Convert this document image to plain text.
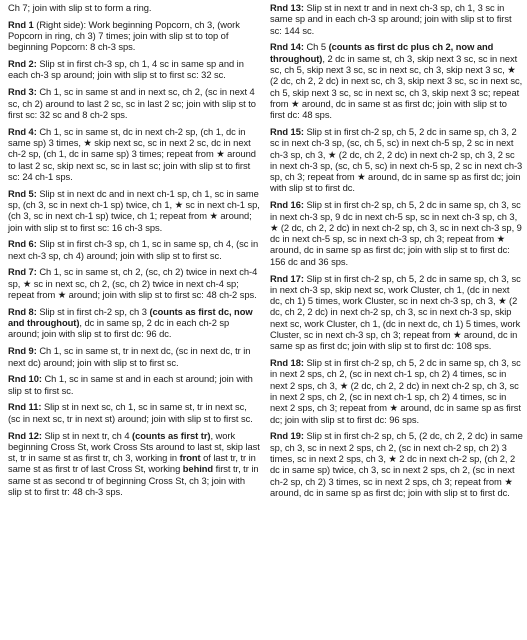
Ch 7; join with slip st to form a ring.

Rnd 1 (Right side): Work beginning Popcorn, ch 3, (work Popcorn in ring, ch 3) 7 times; join with slip st to top of beginning Popcorn: 8 ch-3 sps.

Rnd 2: Slip st in first ch-3 sp, ch 1, 4 sc in same sp and in each ch-3 sp around; join with slip st to first sc: 32 sc.

Rnd 3: Ch 1, sc in same st and in next sc, ch 2, (sc in next 4 sc, ch 2) around to last 2 sc, sc in last 2 sc; join with slip st to first sc: 32 sc and 8 ch-2 sps.

Rnd 4: Ch 1, sc in same st, dc in next ch-2 sp, (ch 1, dc in same sp) 3 times, ★ skip next sc, sc in next 2 sc, dc in next ch-2 sp, (ch 1, dc in same sp) 3 times; repeat from ★ around to last 2 sc, skip next sc, sc in last sc; join with slip st to first sc: 24 ch-1 sps.

Rnd 5: Slip st in next dc and in next ch-1 sp, ch 1, sc in same sp, (ch 3, sc in next ch-1 sp) twice, ch 1, ★ sc in next ch-1 sp, (ch 3, sc in next ch-1 sp) twice, ch 1; repeat from ★ around; join with slip st to first sc: 16 ch-3 sps.

Rnd 6: Slip st in first ch-3 sp, ch 1, sc in same sp, ch 4, (sc in next ch-3 sp, ch 4) around; join with slip st to first sc.

Rnd 7: Ch 1, sc in same st, ch 2, (sc, ch 2) twice in next ch-4 sp, ★ sc in next sc, ch 2, (sc, ch 2) twice in next ch-4 sp; repeat from ★ around; join with slip st to first sc: 48 ch-2 sps.

Rnd 8: Slip st in first ch-2 sp, ch 3 (counts as first dc, now and throughout), dc in same sp, 2 dc in each ch-2 sp around; join with slip st to first dc: 96 dc.

Rnd 9: Ch 1, sc in same st, tr in next dc, (sc in next dc, tr in next dc) around; join with slip st to first sc.

Rnd 10: Ch 1, sc in same st and in each st around; join with slip st to first sc.

Rnd 11: Slip st in next sc, ch 1, sc in same st, tr in next sc, (sc in next sc, tr in next st) around; join with slip st to first sc.

Rnd 12: Slip st in next tr, ch 4 (counts as first tr), work beginning Cross St, work Cross Sts around to last st, skip last st, tr in same st as first tr, ch 3, working in front of last tr, tr in same st as first tr of last Cross St, working behind first tr, tr in same st as second tr of beginning Cross St, ch 3; join with slip st to first tr: 48 ch-3 sps.

Rnd 13: Slip st in next tr and in next ch-3 sp, ch 1, 3 sc in same sp and in each ch-3 sp around; join with slip st to first sc: 144 sc.

Rnd 14: Ch 5 (counts as first dc plus ch 2, now and throughout), 2 dc in same st, ch 3, skip next 3 sc, sc in next sc, ch 5, skip next 3 sc, sc in next sc, ch 3, skip next 3 sc, ★ (2 dc, ch 2, 2 dc) in next sc, ch 3, skip next 3 sc, sc in next sc, ch 5, skip next 3 sc, sc in next sc, ch 3, skip next 3 sc; repeat from ★ around, dc in same st as first dc; join with slip st to first dc: 48 sps.

Rnd 15: Slip st in first ch-2 sp, ch 5, 2 dc in same sp, ch 3, 2 sc in next ch-3 sp, (sc, ch 5, sc) in next ch-5 sp, 2 sc in next ch-3 sp, ch 3, ★ (2 dc, ch 2, 2 dc) in next ch-2 sp, ch 3, 2 sc in next ch-3 sp, (sc, ch 5, sc) in next ch-5 sp, 2 sc in next ch-3 sp, ch 3; repeat from ★ around, dc in same sp as first dc; join with slip st to first dc.

Rnd 16: Slip st in first ch-2 sp, ch 5, 2 dc in same sp, ch 3, sc in next ch-3 sp, 9 dc in next ch-5 sp, sc in next ch-3 sp, ch 3, ★ (2 dc, ch 2, 2 dc) in next ch-2 sp, ch 3, sc in next ch-3 sp, 9 dc in next ch-5 sp, sc in next ch-3 sp, ch 3; repeat from ★ around, dc in same sp as first dc; join with slip st to first dc: 156 dc and 36 sps.

Rnd 17: Slip st in first ch-2 sp, ch 5, 2 dc in same sp, ch 3, sc in next ch-3 sp, skip next sc, work Cluster, ch 1, (dc in next dc, ch 1) 5 times, work Cluster, sc in next ch-3 sp, ch 3, ★ (2 dc, ch 2, 2 dc) in next ch-2 sp, ch 3, sc in next ch-3 sp, skip next sc, work Cluster, ch 1, (dc in next dc, ch 1) 5 times, work Cluster, sc in next ch-3 sp, ch 3; repeat from ★ around, dc in same sp as first dc; join with slip st to first dc: 108 sps.

Rnd 18: Slip st in first ch-2 sp, ch 5, 2 dc in same sp, ch 3, sc in next 2 sps, ch 2, (sc in next ch-1 sp, ch 2) 4 times, sc in next 2 sps, ch 3, ★ (2 dc, ch 2, 2 dc) in next ch-2 sp, ch 3, sc in next 2 sps, ch 2, (sc in next ch-1 sp, ch 2) 4 times, sc in next 2 sps, ch 3; repeat from ★ around, dc in same sp as first dc; join with slip st to first dc: 96 sps.

Rnd 19: Slip st in first ch-2 sp, ch 5, (2 dc, ch 2, 2 dc) in same sp, ch 3, sc in next 2 sps, ch 2, (sc in next ch-2 sp, ch 2) 3 times, sc in next 2 sps, ch 3, ★ 2 dc in next ch-2 sp, (ch 2, 2 dc in same sp) twice, ch 3, sc in next 2 sps, ch 2, (sc in next ch-2 sp, ch 2) 3 times, sc in next 2 sps, ch 3; repeat from ★ around, dc in same sp as first dc; join with slip st to first dc.
